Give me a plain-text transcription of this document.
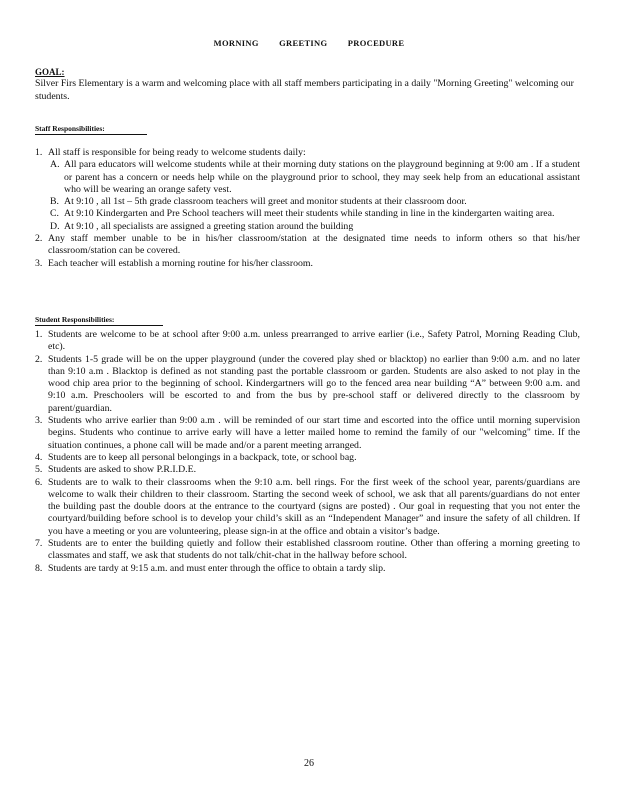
MORNING GREETING PROCEDURE
GOAL:
Silver Firs Elementary is a warm and welcoming place with all staff members participating in a daily "Morning Greeting" welcoming our students.
Staff Responsibilities:
1. All staff is responsible for being ready to welcome students daily:
A. All para educators will welcome students while at their morning duty stations on the playground beginning at 9:00 am . If a student or parent has a concern or needs help while on the playground prior to school, they may seek help from an educational assistant who will be wearing an orange safety vest.
B. At 9:10 , all 1st – 5th grade classroom teachers will greet and monitor students at their classroom door.
C. At 9:10 Kindergarten and Pre School teachers will meet their students while standing in line in the kindergarten waiting area.
D. At 9:10 , all specialists are assigned a greeting station around the building
2. Any staff member unable to be in his/her classroom/station at the designated time needs to inform others so that his/her classroom/station can be covered.
3. Each teacher will establish a morning routine for his/her classroom.
Student Responsibilities:
1. Students are welcome to be at school after 9:00 a.m. unless prearranged to arrive earlier (i.e., Safety Patrol, Morning Reading Club, etc).
2. Students 1-5 grade will be on the upper playground (under the covered play shed or blacktop) no earlier than 9:00 a.m. and no later than 9:10 a.m . Blacktop is defined as not standing past the portable classroom or garden. Students are also asked to not play in the wood chip area prior to the beginning of school. Kindergartners will go to the fenced area near building “A” between 9:00 a.m. and 9:10 a.m. Preschoolers will be escorted to and from the bus by pre-school staff or delivered directly to the classroom by parent/guardian.
3. Students who arrive earlier than 9:00 a.m . will be reminded of our start time and escorted into the office until morning supervision begins. Students who continue to arrive early will have a letter mailed home to remind the family of our "welcoming" time. If the situation continues, a phone call will be made and/or a parent meeting arranged.
4. Students are to keep all personal belongings in a backpack, tote, or school bag.
5. Students are asked to show P.R.I.D.E.
6. Students are to walk to their classrooms when the 9:10 a.m. bell rings. For the first week of the school year, parents/guardians are welcome to walk their children to their classroom. Starting the second week of school, we ask that all parents/guardians do not enter the building past the double doors at the entrance to the courtyard (signs are posted) . Our goal in requesting that you not enter the courtyard/building before school is to develop your child’s skill as an “Independent Manager” and insure the safety of all children. If you have a meeting or you are volunteering, please sign-in at the office and obtain a visitor’s badge.
7. Students are to enter the building quietly and follow their established classroom routine. Other than offering a morning greeting to classmates and staff, we ask that students do not talk/chit-chat in the hallway before school.
8. Students are tardy at 9:15 a.m. and must enter through the office to obtain a tardy slip.
26
